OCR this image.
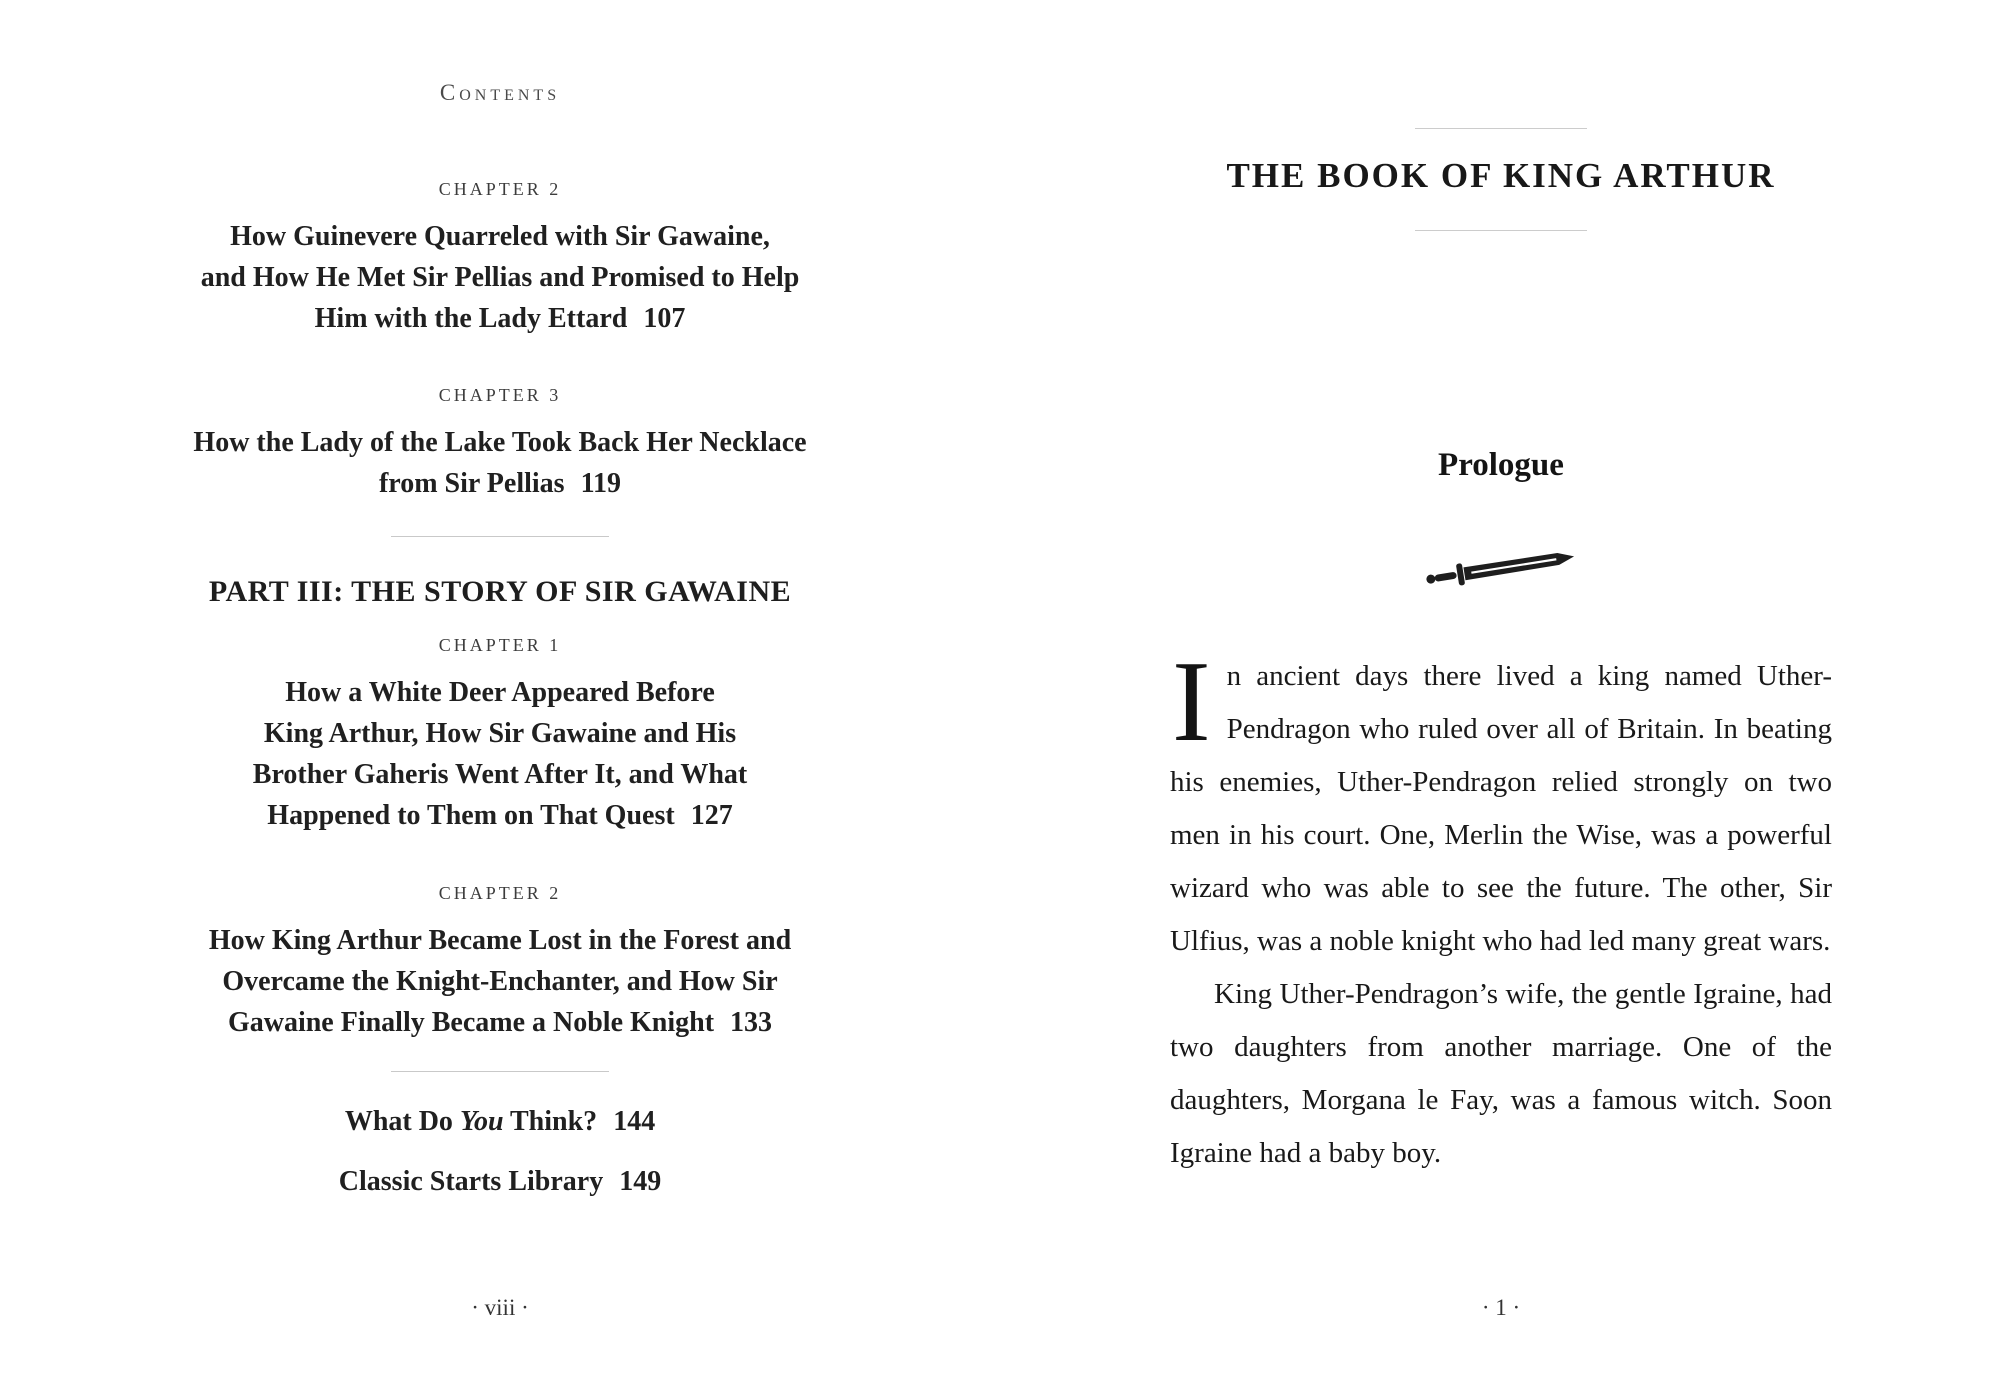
Contents
CHAPTER 2
How Guinevere Quarreled with Sir Gawaine,
and How He Met Sir Pellias and Promised to Help
Him with the Lady Ettard 107
CHAPTER 3
How the Lady of the Lake Took Back Her Necklace
from Sir Pellias 119
PART III: THE STORY OF SIR GAWAINE
CHAPTER 1
How a White Deer Appeared Before
King Arthur, How Sir Gawaine and His
Brother Gaheris Went After It, and What
Happened to Them on That Quest 127
CHAPTER 2
How King Arthur Became Lost in the Forest and
Overcame the Knight-Enchanter, and How Sir
Gawaine Finally Became a Noble Knight 133
What Do You Think? 144
Classic Starts Library 149
· viii ·
THE BOOK OF KING ARTHUR
Prologue

In ancient days there lived a king named Uther-Pendragon who ruled over all of Britain. In beating his enemies, Uther-Pendragon relied strongly on two men in his court. One, Merlin the Wise, was a powerful wizard who was able to see the future. The other, Sir Ulfius, was a noble knight who had led many great wars.

King Uther-Pendragon’s wife, the gentle Igraine, had two daughters from another marriage. One of the daughters, Morgana le Fay, was a famous witch. Soon Igraine had a baby boy.

· 1 ·
